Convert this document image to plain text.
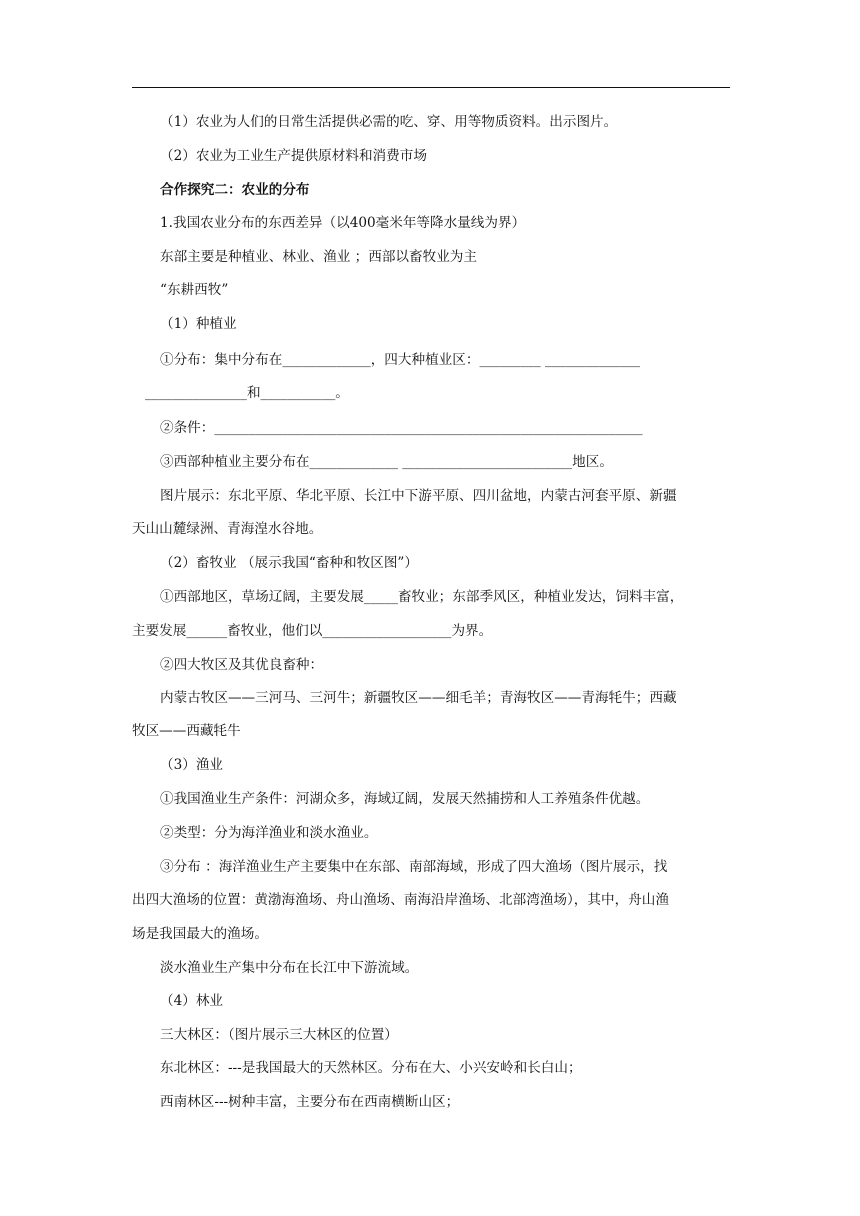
（1）农业为人们的日常生活提供必需的吃、穿、用等物质资料。出示图片。
（2）农业为工业生产提供原材料和消费市场
合作探究二：农业的分布
1.我国农业分布的东西差异（以400毫米年等降水量线为界）
东部主要是种植业、林业、渔业 ；西部以畜牧业为主
“东耕西牧”
（1）种植业
①分布：集中分布在_____________，四大种植业区：_________ ______________
_______________和___________。
②条件：_______________________________________________________________
③西部种植业主要分布在_____________ _________________________地区。
图片展示：东北平原、华北平原、长江中下游平原、四川盆地，内蒙古河套平原、新疆
天山山麓绿洲、青海湟水谷地。
（2）畜牧业 （展示我国“畜种和牧区图”）
①西部地区，草场辽阔，主要发展_____畜牧业；东部季风区，种植业发达，饲料丰富，
主要发展______畜牧业，他们以___________________为界。
②四大牧区及其优良畜种：
内蒙古牧区——三河马、三河牛；新疆牧区——细毛羊；青海牧区——青海牦牛；西藏
牧区——西藏牦牛
（3）渔业
①我国渔业生产条件：河湖众多，海域辽阔，发展天然捕捞和人工养殖条件优越。
②类型：分为海洋渔业和淡水渔业。
③分布 ：海洋渔业生产主要集中在东部、南部海域，形成了四大渔场（图片展示，找
出四大渔场的位置：黄渤海渔场、舟山渔场、南海沿岸渔场、北部湾渔场），其中，舟山渔
场是我国最大的渔场。
淡水渔业生产集中分布在长江中下游流域。
（4）林业
三大林区：（图片展示三大林区的位置）
东北林区：---是我国最大的天然林区。分布在大、小兴安岭和长白山；
西南林区---树种丰富，主要分布在西南横断山区；
